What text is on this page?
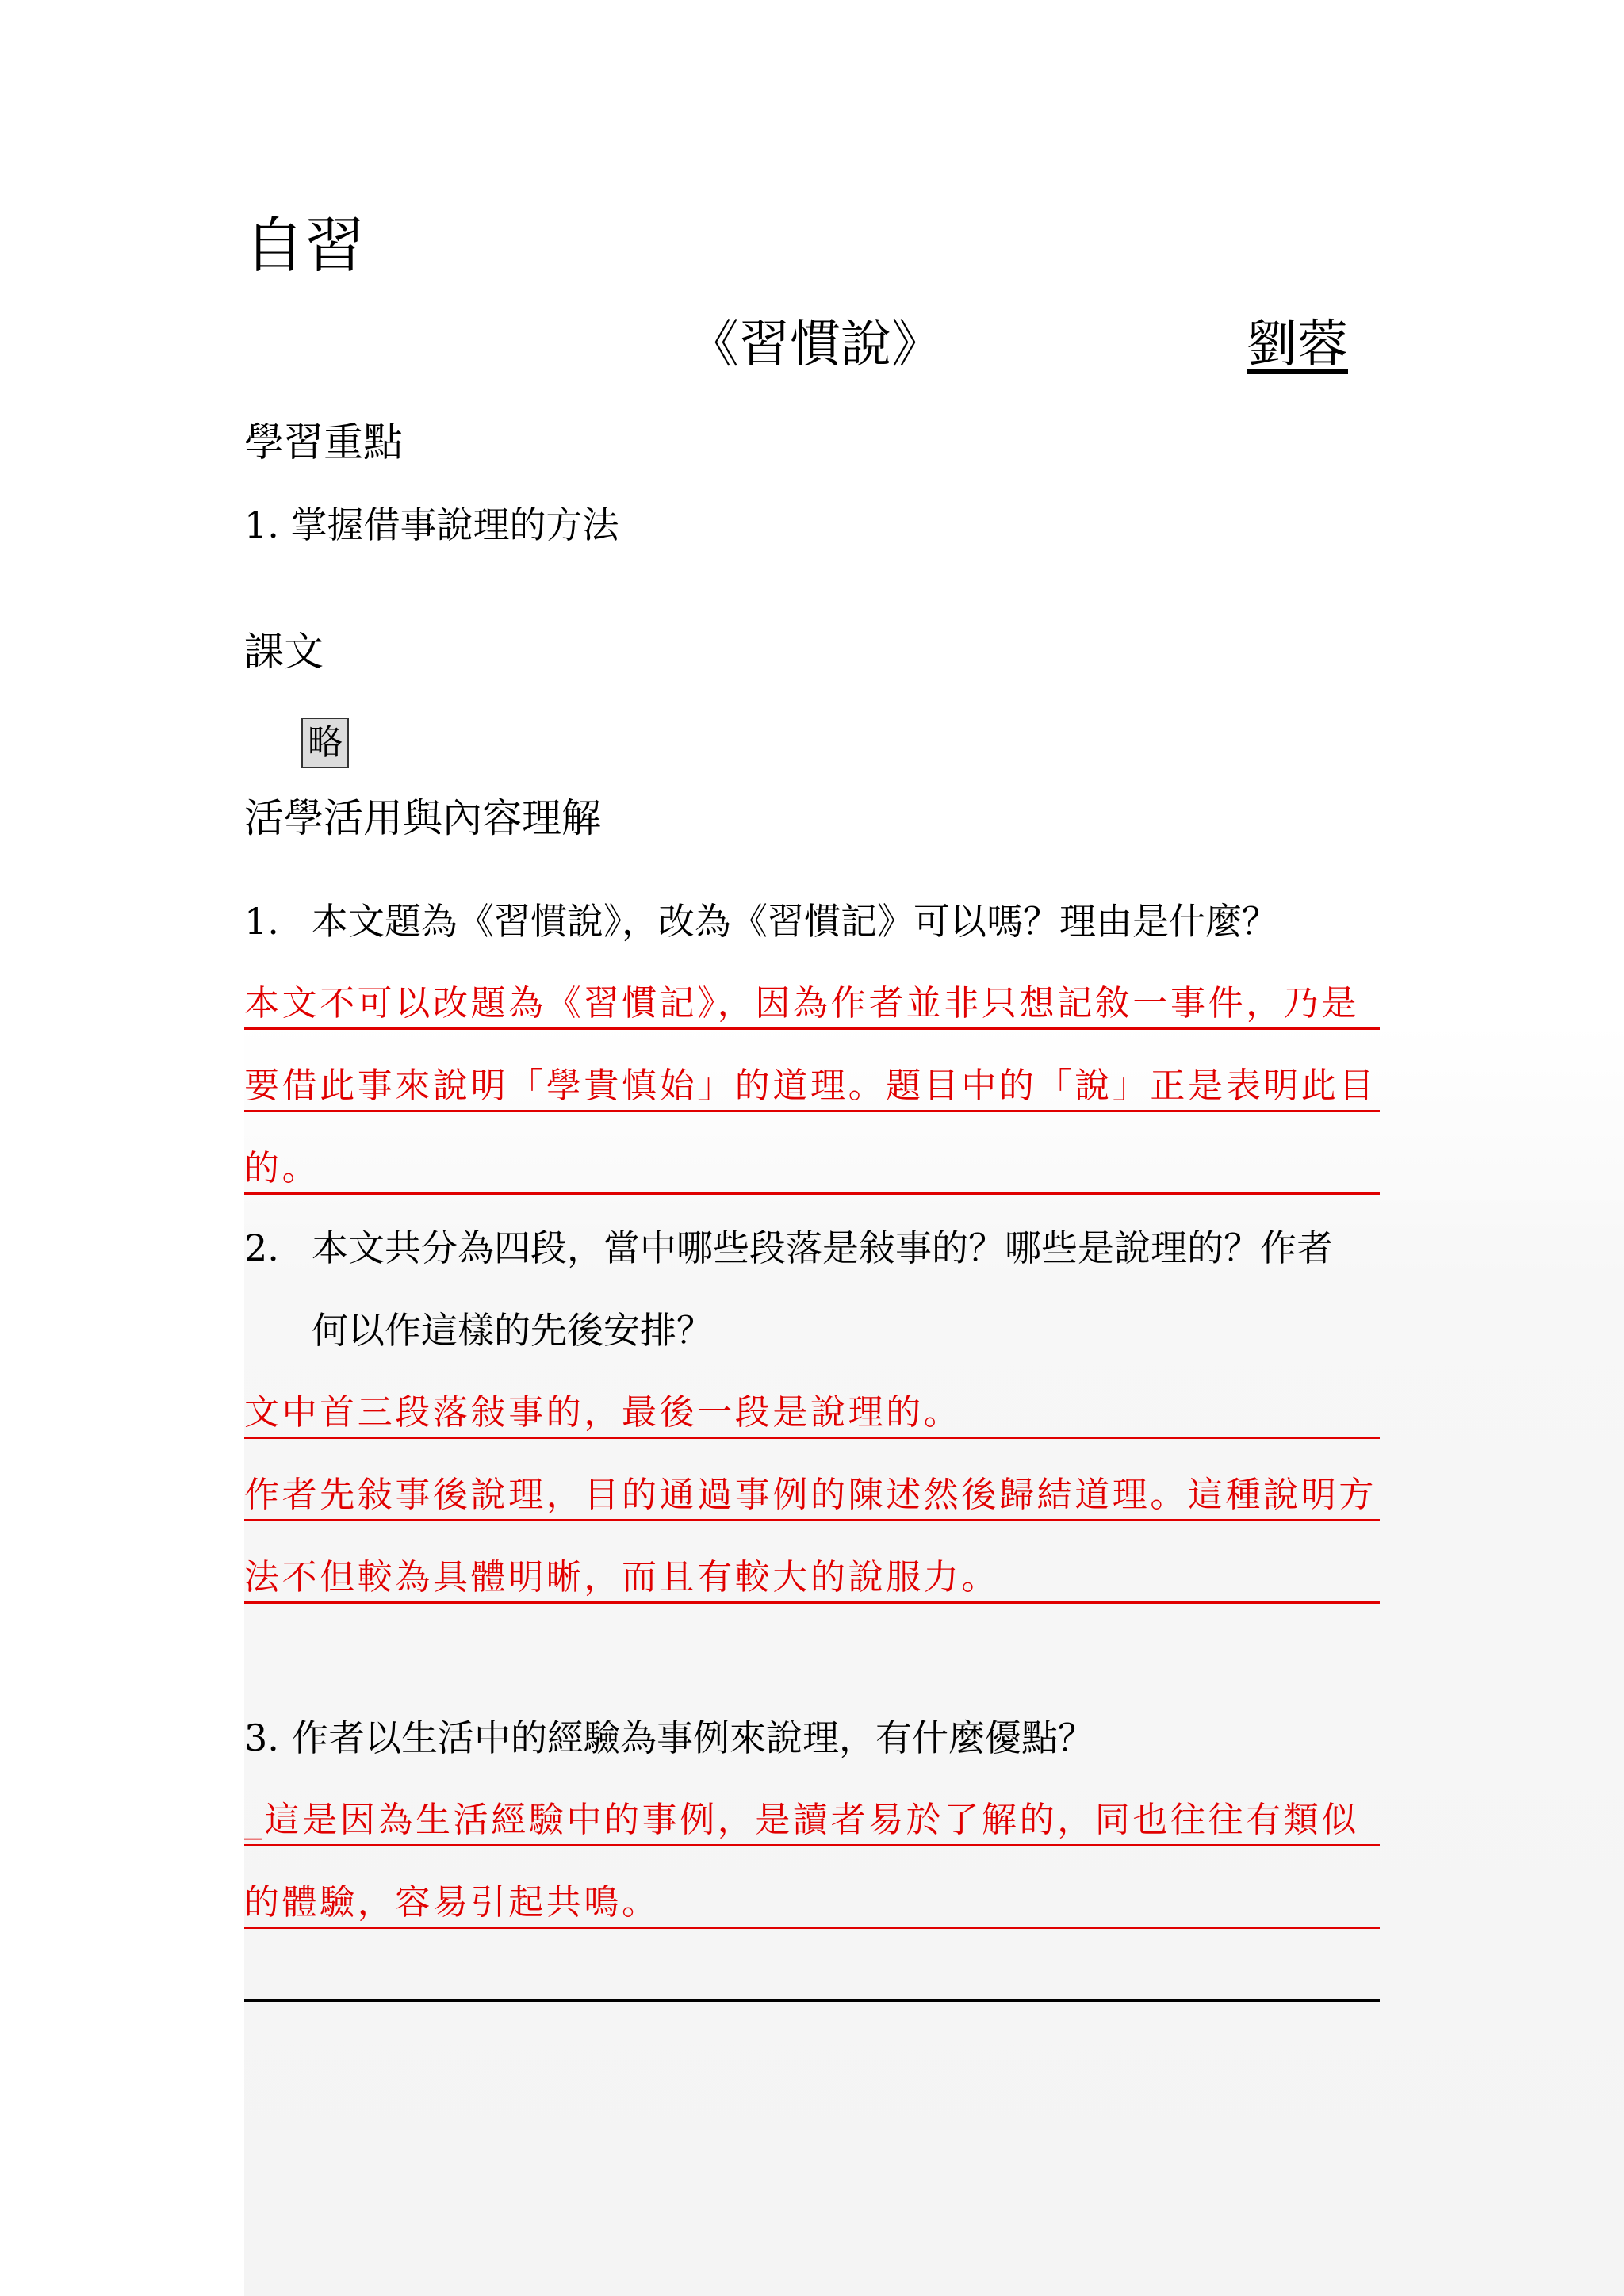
自習
《習慣說》	劉蓉
學習重點
1. 掌握借事說理的方法
課文
略
活學活用與內容理解
1. 本文題為《習慣說》，改為《習慣記》可以嗎？理由是什麼？
本文不可以改題為《習慣記》，因為作者並非只想記敘一事件，乃是
要借此事來說明「學貴慎始」的道理。題目中的「說」正是表明此目
的。
2. 本文共分為四段，當中哪些段落是敍事的？哪些是說理的？作者
何以作這樣的先後安排？
文中首三段落敍事的，最後一段是說理的。
作者先敍事後說理，目的通過事例的陳述然後歸結道理。這種說明方
法不但較為具體明晰，而且有較大的說服力。
3. 作者以生活中的經驗為事例來說理，有什麼優點？
_這是因為生活經驗中的事例，是讀者易於了解的，同也往往有類似
的體驗，容易引起共鳴。
